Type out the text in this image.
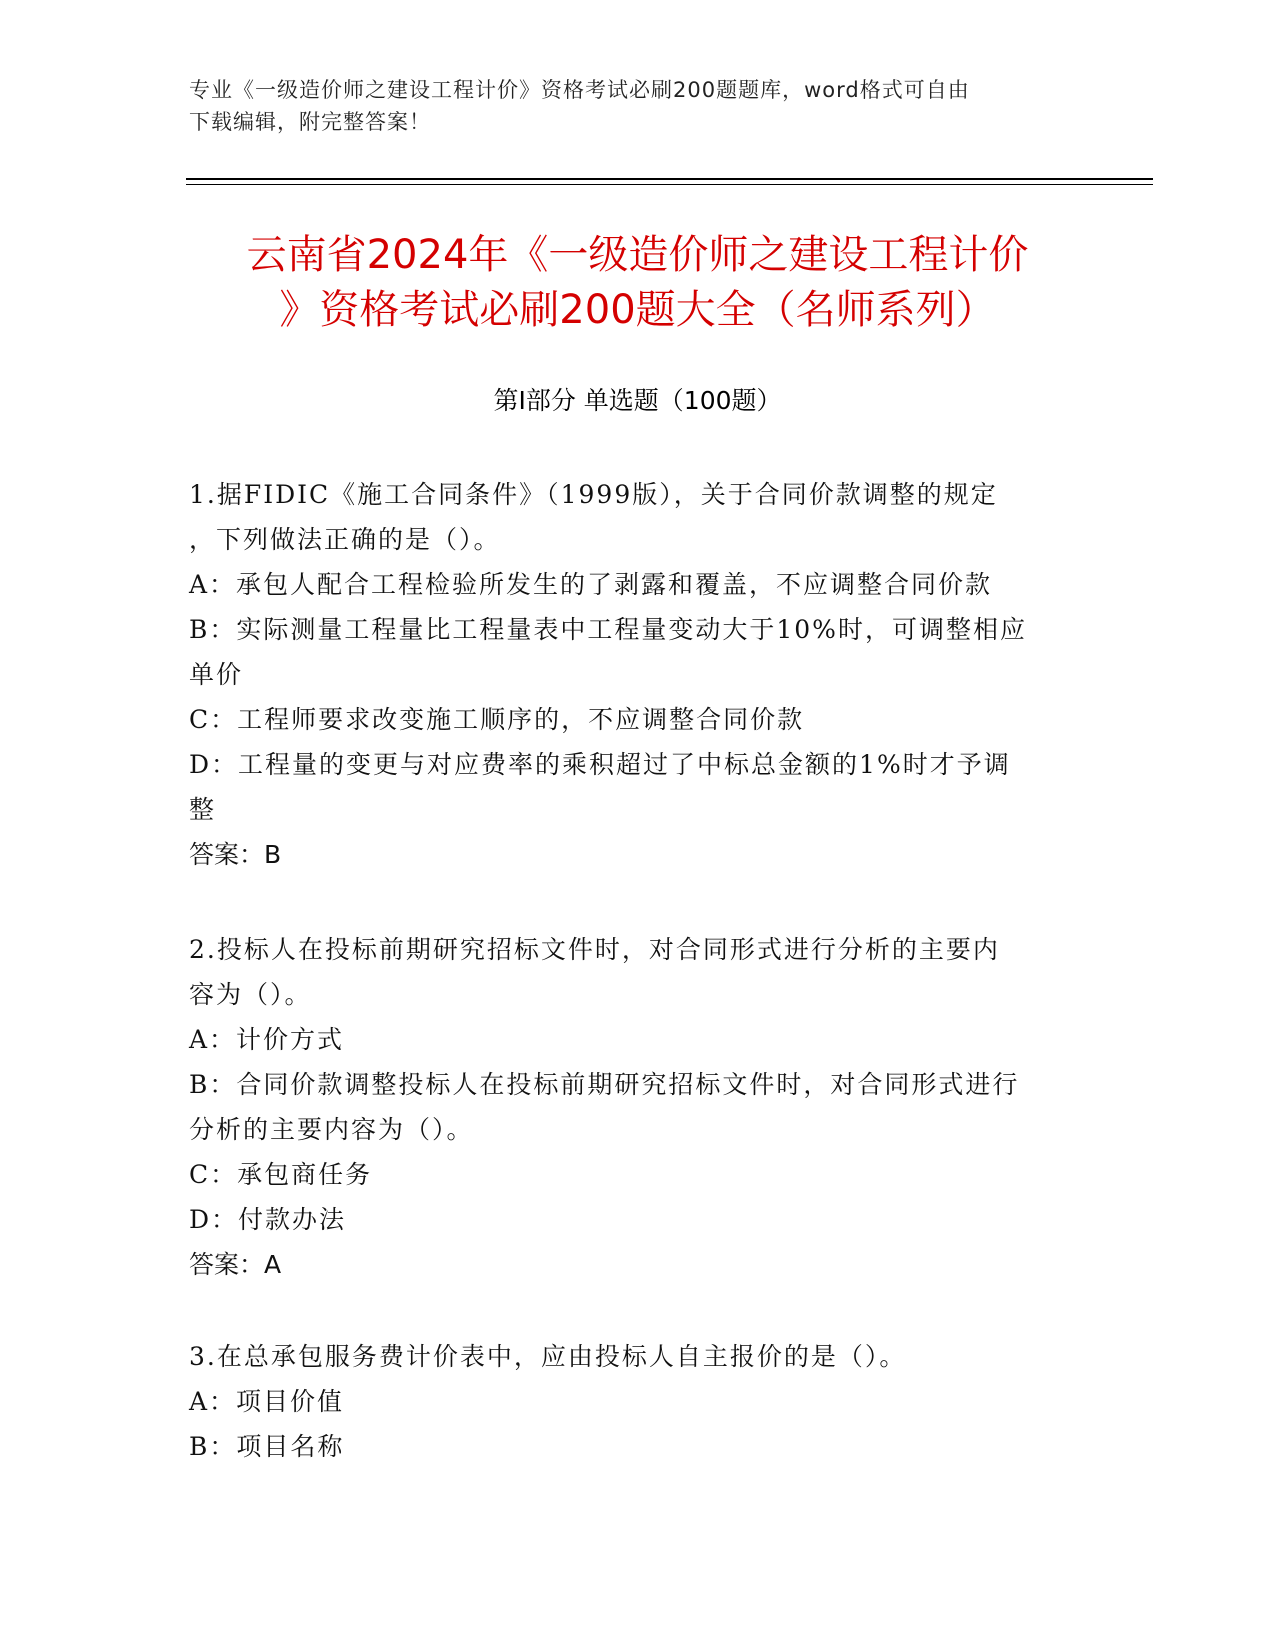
专业《一级造价师之建设工程计价》资格考试必刷200题题库，word格式可自由
下载编辑，附完整答案！
云南省2024年《一级造价师之建设工程计价
》资格考试必刷200题大全（名师系列）
第I部分 单选题（100题）

1.据FIDIC《施工合同条件》（1999版），关于合同价款调整的规定

，下列做法正确的是（）。

A：承包人配合工程检验所发生的了剥露和覆盖，不应调整合同价款

B：实际测量工程量比工程量表中工程量变动大于10%时，可调整相应

单价

C：工程师要求改变施工顺序的，不应调整合同价款

D：工程量的变更与对应费率的乘积超过了中标总金额的1%时才予调

整

答案：B

2.投标人在投标前期研究招标文件时，对合同形式进行分析的主要内

容为（）。

A：计价方式

B：合同价款调整投标人在投标前期研究招标文件时，对合同形式进行

分析的主要内容为（）。

C：承包商任务

D：付款办法

答案：A

3.在总承包服务费计价表中，应由投标人自主报价的是（）。

A：项目价值

B：项目名称
